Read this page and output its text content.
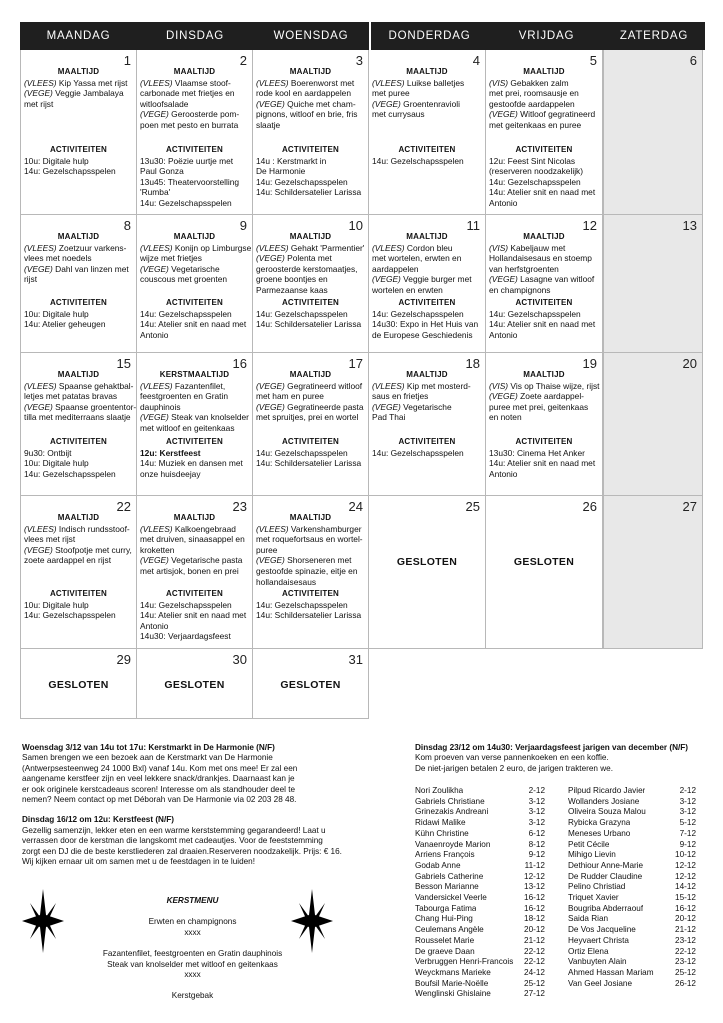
MAANDAG	DINSDAG	WOENSDAG	DONDERDAG	VRIJDAG	ZATERDAG
1
MAALTIJD
(VLEES) Kip Yassa met rijst
(VEGE) Veggie Jambalaya
met rijst
ACTIVITEITEN
10u: Digitale hulp
14u: Gezelschapsspelen
2
MAALTIJD
(VLEES) Vlaamse stoof-
carbonade met frietjes en
witloofsalade
(VEGE) Geroosterde pom-
poen met pesto en burrata
ACTIVITEITEN
13u30: Poëzie uurtje met
Paul Gonza
13u45: Theatervoorstelling
'Rumba'
14u: Gezelschapsspelen
3
MAALTIJD
(VLEES) Boerenworst met
rode kool en aardappelen
(VEGE) Quiche met cham-
pignons, witloof en brie, fris
slaatje
ACTIVITEITEN
14u : Kerstmarkt in
De Harmonie
14u: Gezelschapsspelen
14u: Schildersatelier Larissa
4
MAALTIJD
(VLEES) Luikse balletjes
met puree
(VEGE) Groentenravioli
met currysaus
ACTIVITEITEN
14u: Gezelschapsspelen
5
MAALTIJD
(VIS) Gebakken zalm
met prei, roomsausje en
gestoofde aardappelen
(VEGE) Witloof gegratineerd
met geitenkaas en puree
ACTIVITEITEN
12u: Feest Sint Nicolas
(reserveren noodzakelijk)
14u: Gezelschapsspelen
14u: Atelier snit en naad met
Antonio
6
8
MAALTIJD
(VLEES) Zoetzuur varkens-
vlees met noedels
(VEGE) Dahl van linzen met
rijst
ACTIVITEITEN
10u: Digitale hulp
14u: Atelier geheugen
9
MAALTIJD
(VLEES) Konijn op Limburgse
wijze met frietjes
(VEGE) Vegetarische
couscous met groenten
ACTIVITEITEN
14u: Gezelschapsspelen
14u: Atelier snit en naad met
Antonio
10
MAALTIJD
(VLEES) Gehakt 'Parmentier'
(VEGE) Polenta met
geroosterde kerstomaatjes,
groene boontjes en
Parmezaanse kaas
ACTIVITEITEN
14u: Gezelschapsspelen
14u: Schildersatelier Larissa
11
MAALTIJD
(VLEES) Cordon bleu
met wortelen, erwten en
aardappelen
(VEGE) Veggie burger met
wortelen en erwten
ACTIVITEITEN
14u: Gezelschapsspelen
14u30: Expo in Het Huis van
de Europese Geschiedenis
12
MAALTIJD
(VIS) Kabeljauw met
Hollandaisesaus en stoemp
van herfstgroenten
(VEGE) Lasagne van witloof
en champignons
ACTIVITEITEN
14u: Gezelschapsspelen
14u: Atelier snit en naad met
Antonio
13
15
MAALTIJD
(VLEES) Spaanse gehaktbal-
letjes met patatas bravas
(VEGE) Spaanse groententor-
tilla met mediterraans slaatje
ACTIVITEITEN
9u30: Ontbijt
10u: Digitale hulp
14u: Gezelschapsspelen
16
KERSTMAALTIJD
(VLEES) Fazantenfilet,
feestgroenten en Gratin
dauphinois
(VEGE) Steak van knolselder
met witloof en geitenkaas
ACTIVITEITEN
12u: Kerstfeest
14u: Muziek en dansen met
onze huisdeejay
17
MAALTIJD
(VEGE) Gegratineerd witloof
met ham en puree
(VEGE) Gegratineerde pasta
met spruitjes, prei en wortel
ACTIVITEITEN
14u: Gezelschapsspelen
14u: Schildersatelier Larissa
18
MAALTIJD
(VLEES) Kip met mosterd-
saus en frietjes
(VEGE) Vegetarische
Pad Thai
ACTIVITEITEN
14u: Gezelschapsspelen
19
MAALTIJD
(VIS) Vis op Thaise wijze, rijst
(VEGE) Zoete aardappel-
puree met prei, geitenkaas
en noten
ACTIVITEITEN
13u30: Cinema Het Anker
14u: Atelier snit en naad met
Antonio
20
22
MAALTIJD
(VLEES) Indisch rundsstoof-
vlees met rijst
(VEGE) Stoofpotje met curry,
zoete aardappel en rijst
ACTIVITEITEN
10u: Digitale hulp
14u: Gezelschapsspelen
23
MAALTIJD
(VLEES) Kalkoengebraad
met druiven, sinaasappel en
kroketten
(VEGE) Vegetarische pasta
met artisjok, bonen en prei
ACTIVITEITEN
14u: Gezelschapsspelen
14u: Atelier snit en naad met
Antonio
14u30: Verjaardagsfeest
24
MAALTIJD
(VLEES) Varkenshamburger
met roquefortsaus en wortel-
puree
(VEGE) Shorseneren met
gestoofde spinazie, eitje en
hollandaisesaus
ACTIVITEITEN
14u: Gezelschapsspelen
14u: Schildersatelier Larissa
25
GESLOTEN
26
GESLOTEN
27
29
GESLOTEN
30
GESLOTEN
31
GESLOTEN

Woensdag 3/12 van 14u tot 17u: Kerstmarkt in De Harmonie (N/F)

Samen brengen we een bezoek aan de Kerstmarkt van De Harmonie

(Antwerpsesteenweg 24 1000 Bxl) vanaf 14u. Kom met ons mee! Er zal een

aangename kerstfeer zijn en veel lekkere snack/drankjes. Daarnaast kan je

er ook originele kerstcadeaus scoren! Interesse om als standhouder deel te

nemen? Neem contact op met Déborah van De Harmonie via 02 203 28 48.

Dinsdag 16/12 om 12u: Kerstfeest (N/F)

Gezellig samenzijn, lekker eten en een warme kerststemming gegarandeerd! Laat u

verrassen door de kerstman die langskomt met cadeautjes. Voor de feeststemming

zorgt een DJ die de beste kerstliederen zal draaien.Reserveren noodzakelijk. Prijs: € 16.

Wij kijken ernaar uit om samen met u de feestdagen in te luiden!

KERSTMENU

Erwten en champignons

xxxx

Fazantenfilet, feestgroenten en Gratin dauphinois

Steak van knolselder met witloof en geitenkaas

xxxx

Kerstgebak

Dinsdag 23/12 om 14u30: Verjaardagsfeest jarigen van december (N/F)

Kom proeven van verse pannenkoeken en een koffie.

De niet-jarigen betalen 2 euro, de jarigen trakteren we.

Nori Zoulikha	2-12
Gabriels Christiane	3-12
Grinezakis Andreani	3-12
Ridawi Malike	3-12
Kühn Christine	6-12
Vanaenroyde Marion	8-12
Arriens François	9-12
Godab Anne	11-12
Gabriels Catherine	12-12
Besson Marianne	13-12
Vandersickel Veerle	16-12
Tabourga Fatima	16-12
Chang Hui-Ping	18-12
Ceulemans Angèle	20-12
Rousselet Marie	21-12
De graeve Daan	22-12
Verbruggen Henri-Francois 22-12
Weyckmans Marieke	24-12
Boufsil Marie-Noëlle	25-12
Wenglinski Ghislaine	27-12
Pilpud Ricardo Javier	2-12
Wollanders Josiane	3-12
Oliveira Souza Malou	3-12
Rybicka Grazyna	5-12
Meneses Urbano	7-12
Petit Cécile	9-12
Mihigo Lievin	10-12
Dethiour Anne-Marie	12-12
De Rudder Claudine	12-12
Pelino Christiad	14-12
Triquet Xavier	15-12
Bougriba Abderraouf	16-12
Saida Rian	20-12
De Vos Jacqueline	21-12
Heyvaert Christa	23-12
Ortiz Elena	22-12
Vanbuyten Alain	23-12
Ahmed Hassan Mariam	25-12
Van Geel Josiane	26-12
